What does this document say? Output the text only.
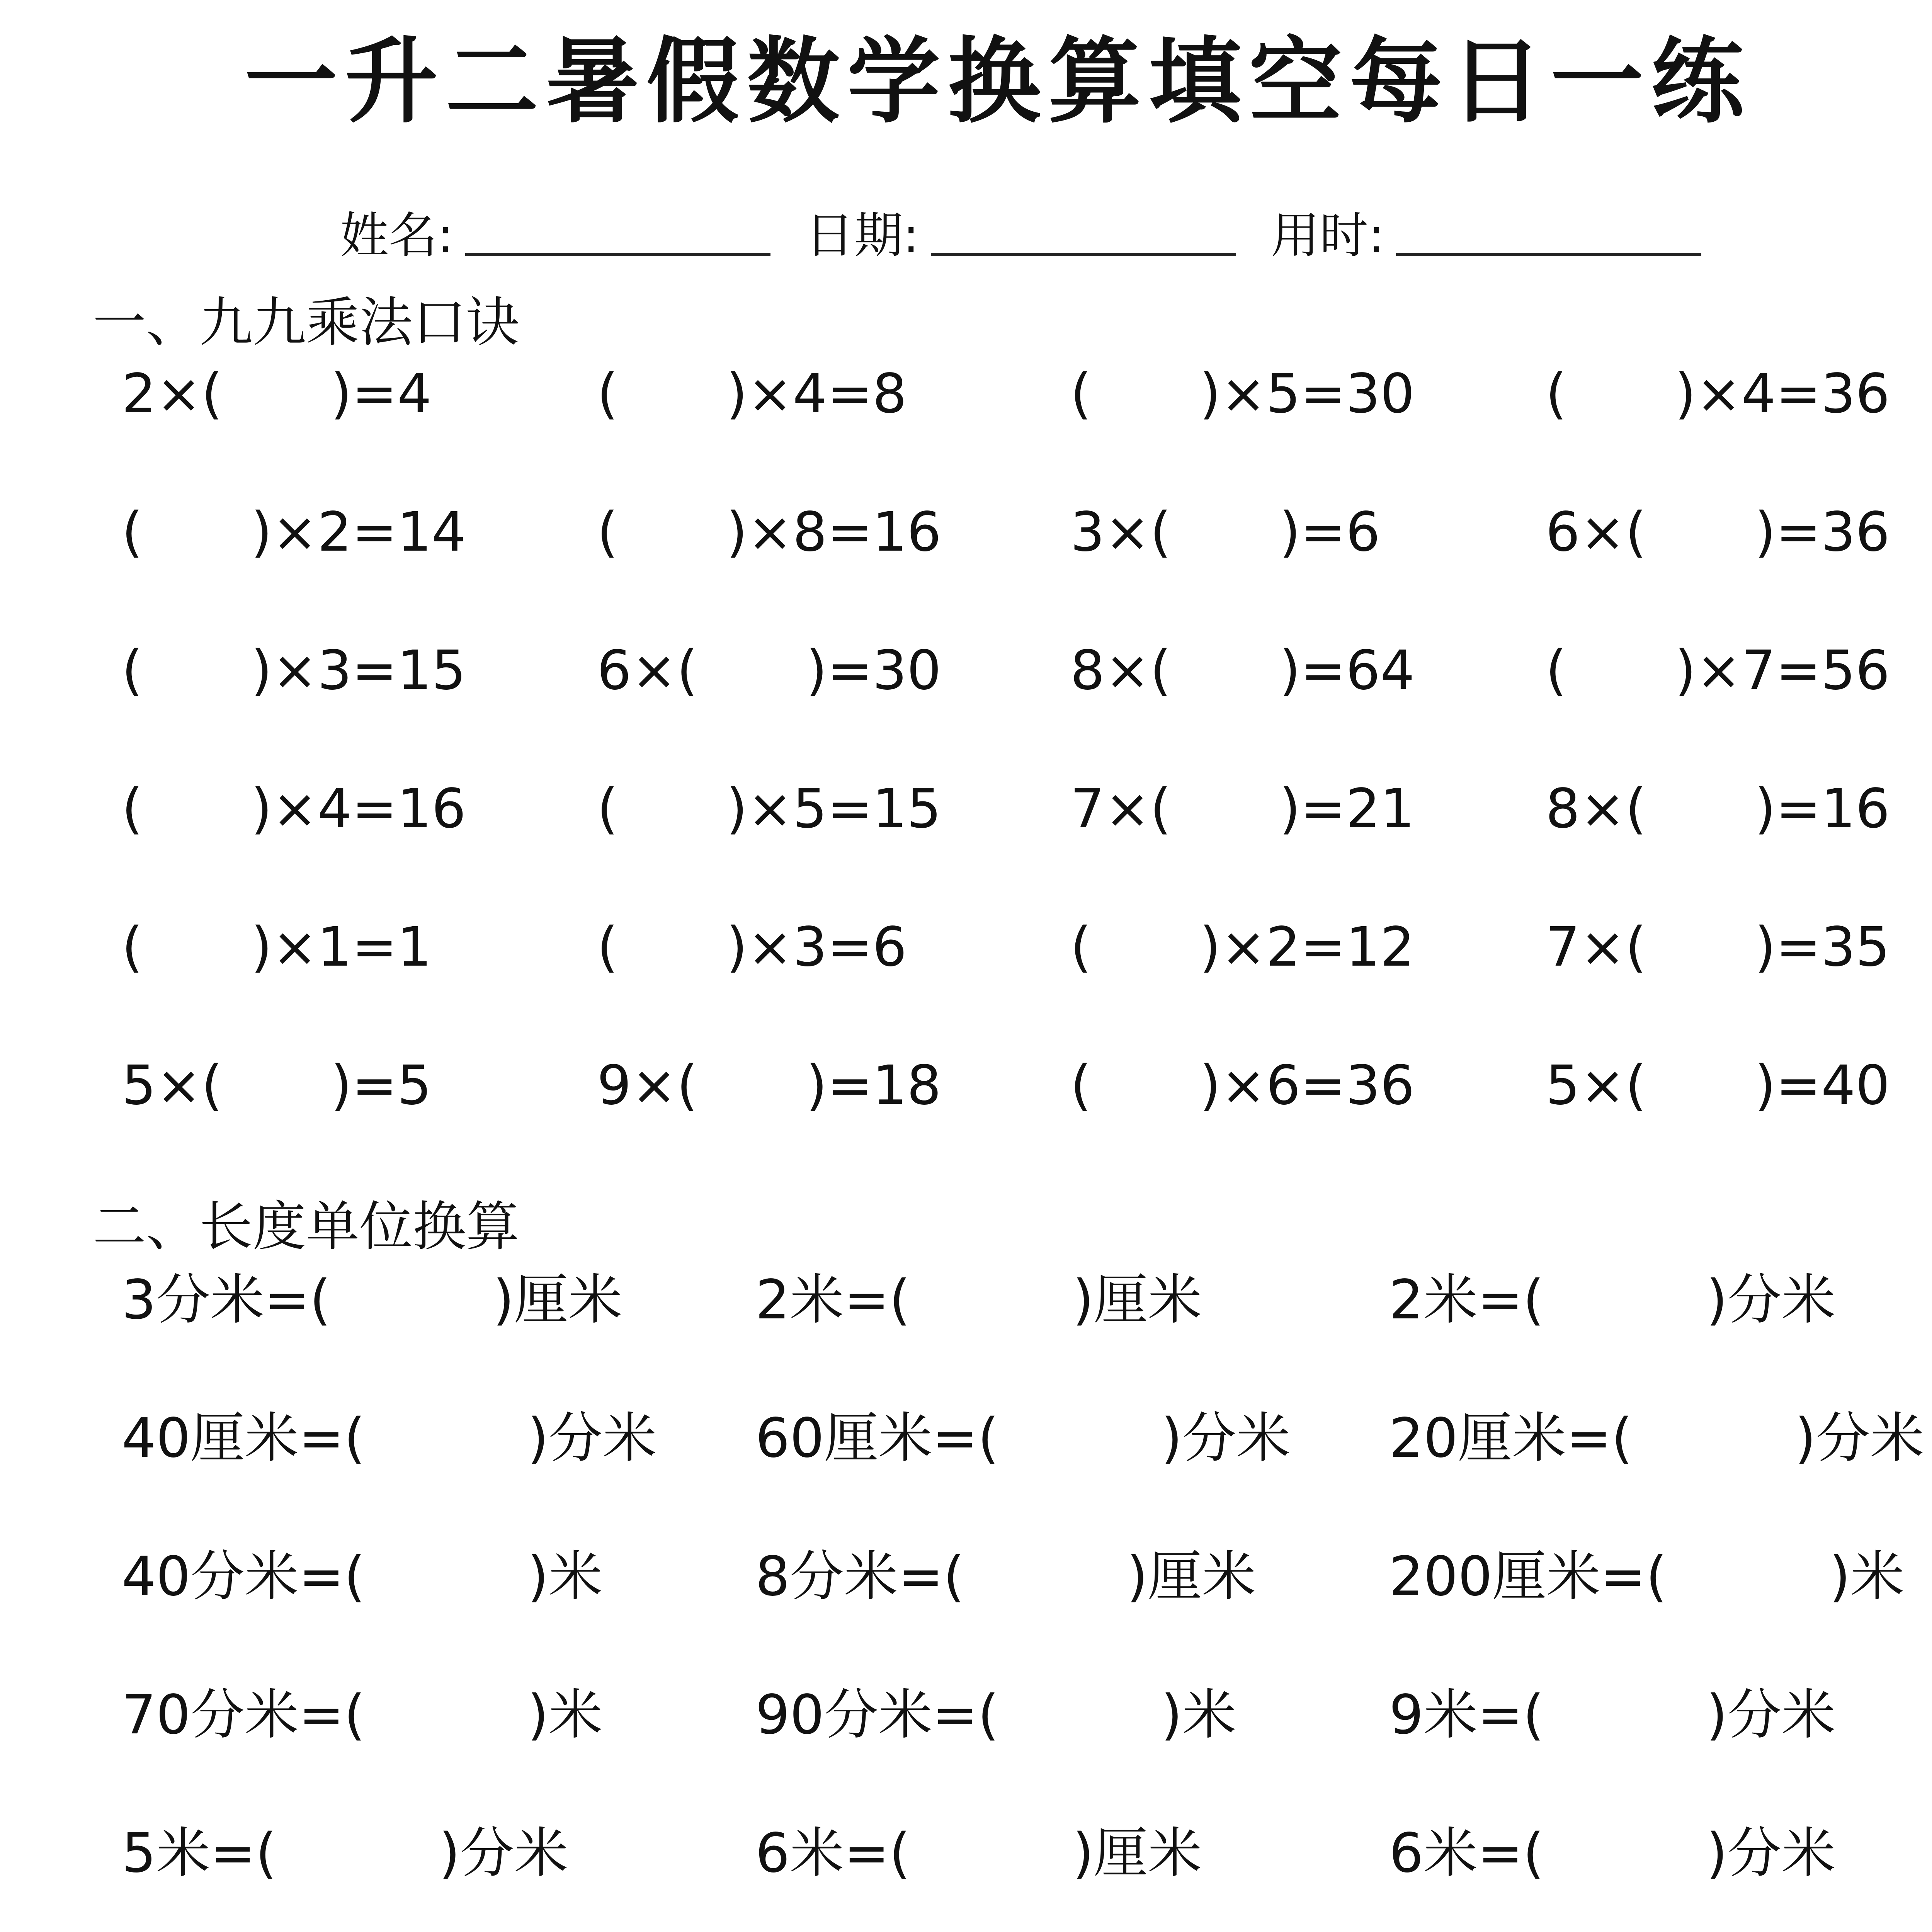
一升二暑假数学换算填空每日一练
姓名:	日期:	用时:
一、九九乘法口诀
2×(　　)=4	(　　)×4=8	(　　)×5=30 (　　)×4=36
(　　)×2=14 (　　)×8=16 3×(　　)=6	6×(　　)=36
(　　)×3=15 6×(　　)=30 8×(　　)=64 (　　)×7=56
(　　)×4=16 (　　)×5=15 7×(　　)=21 8×(　　)=16
(　　)×1=1	(　　)×3=6	(　　)×2=12 7×(　　)=35
5×(　　)=5	9×(　　)=18 (　　)×6=36 5×(　　)=40
二、长度单位换算
3分米=(　　　)厘米 2米=(　　　)厘米	2米=(　　　)分米
40厘米=(　　　)分米 60厘米=(　　　)分米 20厘米=(　　　)分米
40分米=(　　　)米	8分米=(　　　)厘米 200厘米=(　　　)米
70分米=(　　　)米	90分米=(　　　)米	9米=(　　　)分米
5米=(　　　)分米	6米=(　　　)厘米	6米=(　　　)分米
